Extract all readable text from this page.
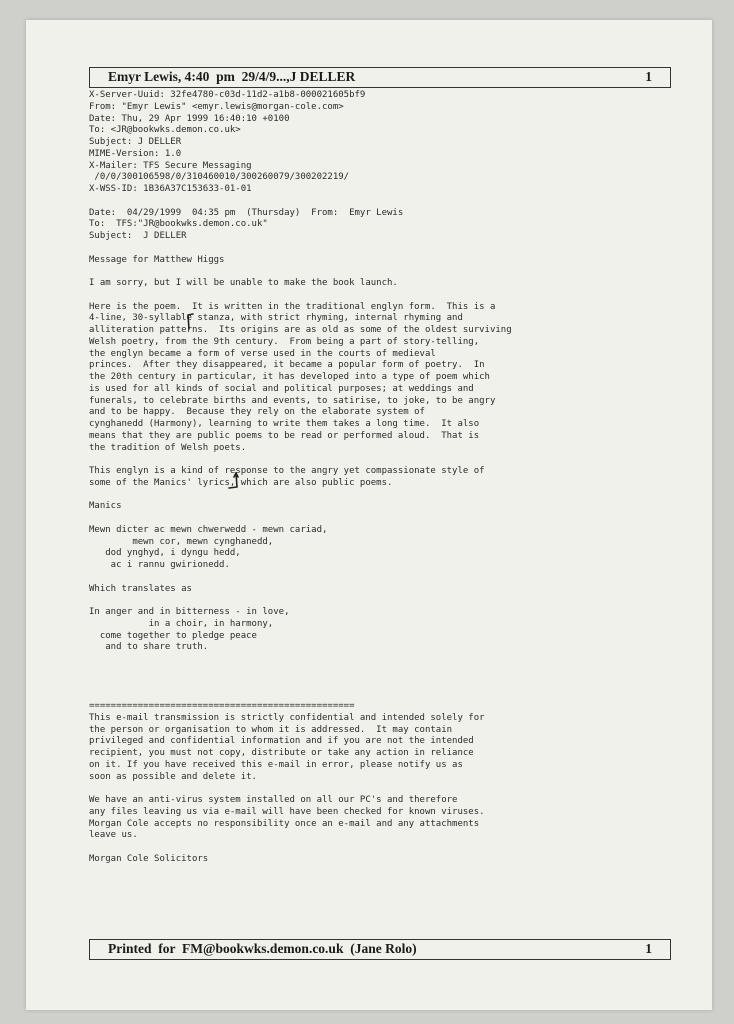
Emyr Lewis, 4:40  pm  29/4/9...,J DELLER	1
X-Server-Uuid: 32fe4780-c03d-11d2-a1b8-000021605bf9
From: "Emyr Lewis" <emyr.lewis@morgan-cole.com>
Date: Thu, 29 Apr 1999 16:40:10 +0100
To: <JR@bookwks.demon.co.uk>
Subject: J DELLER
MIME-Version: 1.0
X-Mailer: TFS Secure Messaging
/0/0/300106598/0/310460010/300260079/300202219/
X-WSS-ID: 1B36A37C153633-01-01
Date:  04/29/1999  04:35 pm  (Thursday)  From:  Emyr Lewis
To:  TFS:"JR@bookwks.demon.co.uk"
Subject:  J DELLER
Message for Matthew Higgs
I am sorry, but I will be unable to make the book launch.
Here is the poem.  It is written in the traditional englyn form.  This is a
4-line, 30-syllable stanza, with strict rhyming, internal rhyming and
alliteration patterns.  Its origins are as old as some of the oldest surviving
Welsh poetry, from the 9th century.  From being a part of story-telling,
the englyn became a form of verse used in the courts of medieval
princes.  After they disappeared, it became a popular form of poetry.  In
the 20th century in particular, it has developed into a type of poem which
is used for all kinds of social and political purposes; at weddings and
funerals, to celebrate births and events, to satirise, to joke, to be angry
and to be happy.  Because they rely on the elaborate system of
cynghanedd (Harmony), learning to write them takes a long time.  It also
means that they are public poems to be read or performed aloud.  That is
the tradition of Welsh poets.
This englyn is a kind of response to the angry yet compassionate style of
some of the Manics' lyrics, which are also public poems.
Manics
Mewn dicter ac mewn chwerwedd - mewn cariad,
mewn cor, mewn cynghanedd,
dod ynghyd, i dyngu hedd,
ac i rannu gwirionedd.
Which translates as
In anger and in bitterness - in love,
in a choir, in harmony,
come together to pledge peace
and to share truth.
=================================================
This e-mail transmission is strictly confidential and intended solely for
the person or organisation to whom it is addressed.  It may contain
privileged and confidential information and if you are not the intended
recipient, you must not copy, distribute or take any action in reliance
on it. If you have received this e-mail in error, please notify us as
soon as possible and delete it.
We have an anti-virus system installed on all our PC's and therefore
any files leaving us via e-mail will have been checked for known viruses.
Morgan Cole accepts no responsibility once an e-mail and any attachments
leave us.
Morgan Cole Solicitors
Printed  for  FM@bookwks.demon.co.uk  (Jane Rolo)	1
